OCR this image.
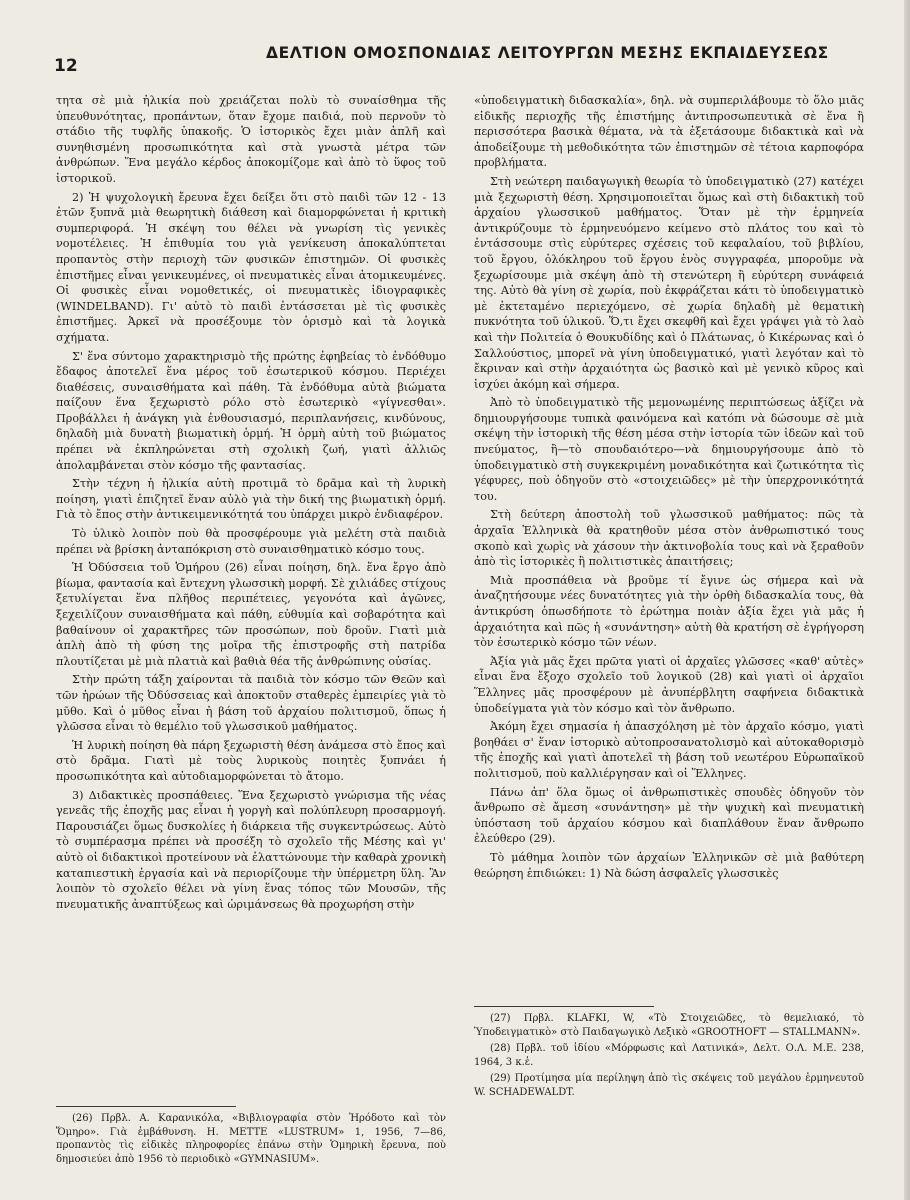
12
ΔΕΛΤΙΟΝ ΟΜΟΣΠΟΝΔΙΑΣ ΛΕΙΤΟΥΡΓΩΝ ΜΕΣΗΣ ΕΚΠΑΙΔΕΥΣΕΩΣ

τητα σὲ μιὰ ἡλικία ποὺ χρειάζεται πολὺ τὸ συναίσθημα τῆς ὑπευθυνότητας, προπάντων, ὅταν ἔχομε παιδιά, ποὺ περνοῦν τὸ στάδιο τῆς τυφλῆς ὑπακοῆς. Ὁ ἱστορικὸς ἔχει μιὰν ἁπλῆ καὶ συνηθισμένη προσωπικότητα καὶ στὰ γνωστὰ μέτρα τῶν ἀνθρώπων. Ἕνα μεγάλο κέρδος ἀποκομίζομε καὶ ἀπὸ τὸ ὕφος τοῦ ἱστορικοῦ.

2) Ἡ ψυχολογικὴ ἔρευνα ἔχει δείξει ὅτι στὸ παιδὶ τῶν 12 - 13 ἐτῶν ξυπνᾶ μιὰ θεωρητικὴ διάθεση καὶ διαμορφώνεται ἡ κριτικὴ συμπεριφορά. Ἡ σκέψη του θέλει νὰ γνωρίση τὶς γενικὲς νομοτέλειες. Ἡ ἐπιθυμία του γιὰ γενίκευση ἀποκαλύπτεται προπαντὸς στὴν περιοχὴ τῶν φυσικῶν ἐπιστημῶν. Οἱ φυσικὲς ἐπιστῆμες εἶναι γενικευμένες, οἱ πνευματικὲς εἶναι ἀτομικευμένες. Οἱ φυσικὲς εἶναι νομοθετικές, οἱ πνευματικὲς ἰδιογραφικὲς (WINDELBAND). Γι' αὐτὸ τὸ παιδὶ ἐντάσσεται μὲ τὶς φυσικὲς ἐπιστῆμες. Ἀρκεῖ νὰ προσέξουμε τὸν ὁρισμὸ καὶ τὰ λογικὰ σχήματα.

Σ' ἕνα σύντομο χαρακτηρισμὸ τῆς πρώτης ἐφηβείας τὸ ἐνδόθυμο ἔδαφος ἀποτελεῖ ἕνα μέρος τοῦ ἐσωτερικοῦ κόσμου. Περιέχει διαθέσεις, συναισθήματα καὶ πάθη. Τὰ ἐνδόθυμα αὐτὰ βιώματα παίζουν ἕνα ξεχωριστὸ ρόλο στὸ ἐσωτερικὸ «γίγνεσθαι». Προβάλλει ἡ ἀνάγκη γιὰ ἐνθουσιασμό, περιπλανήσεις, κινδύνους, δηλαδὴ μιὰ δυνατὴ βιωματικὴ ὁρμή. Ἡ ὁρμὴ αὐτὴ τοῦ βιώματος πρέπει νὰ ἐκπληρώνεται στὴ σχολικὴ ζωή, γιατὶ ἀλλιῶς ἀπολαμβάνεται στὸν κόσμο τῆς φαντασίας.

Στὴν τέχνη ἡ ἡλικία αὐτὴ προτιμᾶ τὸ δρᾶμα καὶ τὴ λυρικὴ ποίηση, γιατὶ ἐπιζητεῖ ἕναν αὐλὸ γιὰ τὴν δική της βιωματικὴ ὁρμή. Γιὰ τὸ ἔπος στὴν ἀντικειμενικότητά του ὑπάρχει μικρὸ ἐνδιαφέρον.

Τὸ ὑλικὸ λοιπὸν ποὺ θὰ προσφέρουμε γιὰ μελέτη στὰ παιδιὰ πρέπει νὰ βρίσκη ἀνταπόκριση στὸ συναισθηματικὸ κόσμο τους.

Ἡ Ὀδύσσεια τοῦ Ὁμήρου (26) εἶναι ποίηση, δηλ. ἕνα ἔργο ἀπὸ βίωμα, φαντασία καὶ ἔντεχνη γλωσσικὴ μορφή. Σὲ χιλιάδες στίχους ξετυλίγεται ἕνα πλῆθος περιπέτειες, γεγονότα καὶ ἀγῶνες, ξεχειλίζουν συναισθήματα καὶ πάθη, εὐθυμία καὶ σοβαρότητα καὶ βαθαίνουν οἱ χαρακτῆρες τῶν προσώπων, ποὺ δροῦν. Γιατὶ μιὰ ἁπλὴ ἀπὸ τὴ φύση της μοῖρα τῆς ἐπιστροφῆς στὴ πατρίδα πλουτίζεται μὲ μιὰ πλατιὰ καὶ βαθιὰ θέα τῆς ἀνθρώπινης οὐσίας.

Στὴν πρώτη τάξη χαίρονται τὰ παιδιὰ τὸν κόσμο τῶν Θεῶν καὶ τῶν ἡρώων τῆς Ὀδύσσειας καὶ ἀποκτοῦν σταθερὲς ἐμπειρίες γιὰ τὸ μῦθο. Καὶ ὁ μῦθος εἶναι ἡ βάση τοῦ ἀρχαίου πολιτισμοῦ, ὅπως ἡ γλῶσσα εἶναι τὸ θεμέλιο τοῦ γλωσσικοῦ μαθήματος.

Ἡ λυρικὴ ποίηση θὰ πάρη ξεχωριστὴ θέση ἀνάμεσα στὸ ἔπος καὶ στὸ δρᾶμα. Γιατὶ μὲ τοὺς λυρικοὺς ποιητὲς ξυπνάει ἡ προσωπικότητα καὶ αὐτοδιαμορφώνεται τὸ ἄτομο.

3) Διδακτικὲς προσπάθειες. Ἕνα ξεχωριστὸ γνώρισμα τῆς νέας γενεᾶς τῆς ἐποχῆς μας εἶναι ἡ γοργὴ καὶ πολύπλευρη προσαρμογή. Παρουσιάζει ὅμως δυσκολίες ἡ διάρκεια τῆς συγκεντρώσεως. Αὐτὸ τὸ συμπέρασμα πρέπει νὰ προσέξη τὸ σχολεῖο τῆς Μέσης καὶ γι' αὐτὸ οἱ διδακτικοὶ προτείνουν νὰ ἐλαττώνουμε τὴν καθαρὰ χρονικὴ καταπιεστικὴ ἐργασία καὶ νὰ περιορίζουμε τὴν ὑπέρμετρη ὕλη. Ἂν λοιπὸν τὸ σχολεῖο θέλει νὰ γίνη ἕνας τόπος τῶν Μουσῶν, τῆς πνευματικῆς ἀναπτύξεως καὶ ὡριμάνσεως θὰ προχωρήση στὴν

(26) Πρβλ. Α. Καρανικόλα, «Βιβλιογραφία στὸν Ἡρόδοτο καὶ τὸν Ὅμηρο». Γιὰ ἐμβάθυνση. H. METTE «LUSTRUM» 1, 1956, 7—86, προπαντὸς τὶς εἰδικὲς πληροφορίες ἐπάνω στὴν Ὁμηρικὴ ἔρευνα, ποὺ δημοσιεύει ἀπὸ 1956 τὸ περιοδικὸ «GYMNASIUM».

«ὑποδειγματικὴ διδασκαλία», δηλ. νὰ συμπεριλάβουμε τὸ ὅλο μιᾶς εἰδικῆς περιοχῆς τῆς ἐπιστήμης ἀντιπροσωπευτικὰ σὲ ἕνα ἢ περισσότερα βασικὰ θέματα, νὰ τὰ ἐξετάσουμε διδακτικὰ καὶ νὰ ἀποδείξουμε τὴ μεθοδικότητα τῶν ἐπιστημῶν σὲ τέτοια καρποφόρα προβλήματα.

Στὴ νεώτερη παιδαγωγικὴ θεωρία τὸ ὑποδειγματικὸ (27) κατέχει μιὰ ξεχωριστὴ θέση. Χρησιμοποιεῖται ὅμως καὶ στὴ διδακτικὴ τοῦ ἀρχαίου γλωσσικοῦ μαθήματος. Ὅταν μὲ τὴν ἑρμηνεία ἀντικρύζουμε τὸ ἑρμηνευόμενο κείμενο στὸ πλάτος του καὶ τὸ ἐντάσσουμε στὶς εὐρύτερες σχέσεις τοῦ κεφαλαίου, τοῦ βιβλίου, τοῦ ἔργου, ὁλόκληρου τοῦ ἔργου ἑνὸς συγγραφέα, μποροῦμε νὰ ξεχωρίσουμε μιὰ σκέψη ἀπὸ τὴ στενώτερη ἢ εὐρύτερη συνάφειά της. Αὐτὸ θὰ γίνη σὲ χωρία, ποὺ ἐκφράζεται κάτι τὸ ὑποδειγματικὸ μὲ ἐκτεταμένο περιεχόμενο, σὲ χωρία δηλαδὴ μὲ θεματικὴ πυκνότητα τοῦ ὑλικοῦ. Ὅ,τι ἔχει σκεφθῆ καὶ ἔχει γράψει γιὰ τὸ λαὸ καὶ τὴν Πολιτεία ὁ Θουκυδίδης καὶ ὁ Πλάτωνας, ὁ Κικέρωνας καὶ ὁ Σαλλούστιος, μπορεῖ νὰ γίνη ὑποδειγματικό, γιατὶ λεγόταν καὶ τὸ ἔκριναν καὶ στὴν ἀρχαιότητα ὡς βασικὸ καὶ μὲ γενικὸ κῦρος καὶ ἰσχύει ἀκόμη καὶ σήμερα.

Ἀπὸ τὸ ὑποδειγματικὸ τῆς μεμονωμένης περιπτώσεως ἀξίζει νὰ δημιουργήσουμε τυπικὰ φαινόμενα καὶ κατόπι νὰ δώσουμε σὲ μιὰ σκέψη τὴν ἱστορικὴ τῆς θέση μέσα στὴν ἱστορία τῶν ἰδεῶν καὶ τοῦ πνεύματος, ἢ—τὸ σπουδαιότερο—νὰ δημιουργήσουμε ἀπὸ τὸ ὑποδειγματικὸ στὴ συγκεκριμένη μοναδικότητα καὶ ζωτικότητα τὶς γέφυρες, ποὺ ὁδηγοῦν στὸ «στοιχειῶδες» μὲ τὴν ὑπερχρονικότητά του.

Στὴ δεύτερη ἀποστολὴ τοῦ γλωσσικοῦ μαθήματος: πῶς τὰ ἀρχαῖα Ἑλληνικὰ θὰ κρατηθοῦν μέσα στὸν ἀνθρωπιστικό τους σκοπὸ καὶ χωρὶς νὰ χάσουν τὴν ἀκτινοβολία τους καὶ νὰ ξεραθοῦν ἀπὸ τὶς ἱστορικὲς ἢ πολιτιστικὲς ἀπαιτήσεις;

Μιὰ προσπάθεια νὰ βροῦμε τί ἔγινε ὡς σήμερα καὶ νὰ ἀναζητήσουμε νέες δυνατότητες γιὰ τὴν ὀρθὴ διδασκαλία τους, θὰ ἀντικρύση ὁπωσδήποτε τὸ ἐρώτημα ποιὰν ἀξία ἔχει γιὰ μᾶς ἡ ἀρχαιότητα καὶ πῶς ἡ «συνάντηση» αὐτὴ θὰ κρατήση σὲ ἐγρήγορση τὸν ἐσωτερικὸ κόσμο τῶν νέων.

Ἀξία γιὰ μᾶς ἔχει πρῶτα γιατὶ οἱ ἀρχαῖες γλῶσσες «καθ' αὐτὲς» εἶναι ἕνα ἔξοχο σχολεῖο τοῦ λογικοῦ (28) καὶ γιατὶ οἱ ἀρχαῖοι Ἕλληνες μᾶς προσφέρουν μὲ ἀνυπέρβλητη σαφήνεια διδακτικὰ ὑποδείγματα γιὰ τὸν κόσμο καὶ τὸν ἄνθρωπο.

Ἀκόμη ἔχει σημασία ἡ ἀπασχόληση μὲ τὸν ἀρχαῖο κόσμο, γιατὶ βοηθάει σ' ἕναν ἱστορικὸ αὐτοπροσανατολισμὸ καὶ αὐτοκαθορισμὸ τῆς ἐποχῆς καὶ γιατὶ ἀποτελεῖ τὴ βάση τοῦ νεωτέρου Εὐρωπαϊκοῦ πολιτισμοῦ, ποὺ καλλιέργησαν καὶ οἱ Ἕλληνες.

Πάνω ἀπ' ὅλα ὅμως οἱ ἀνθρωπιστικὲς σπουδὲς ὁδηγοῦν τὸν ἄνθρωπο σὲ ἄμεση «συνάντηση» μὲ τὴν ψυχικὴ καὶ πνευματικὴ ὑπόσταση τοῦ ἀρχαίου κόσμου καὶ διαπλάθουν ἕναν ἄνθρωπο ἐλεύθερο (29).

Τὸ μάθημα λοιπὸν τῶν ἀρχαίων Ἑλληνικῶν σὲ μιὰ βαθύτερη θεώρηση ἐπιδιώκει: 1) Νὰ δώση ἀσφαλεῖς γλωσσικὲς

(27) Πρβλ. KLAFKI, W, «Τὸ Στοιχειῶδες, τὸ θεμελιακό, τὸ Ὑποδειγματικὸ» στὸ Παιδαγωγικὸ Λεξικὸ «GROOTHOFT — STALLMANN».

(28) Πρβλ. τοῦ ἰδίου «Μόρφωσις καὶ Λατινικά», Δελτ. Ο.Λ. Μ.Ε. 238, 1964, 3 κ.ἑ.

(29) Προτίμησα μία περίληψη ἀπὸ τὶς σκέψεις τοῦ μεγάλου ἑρμηνευτοῦ W. SCHADEWALDT.
